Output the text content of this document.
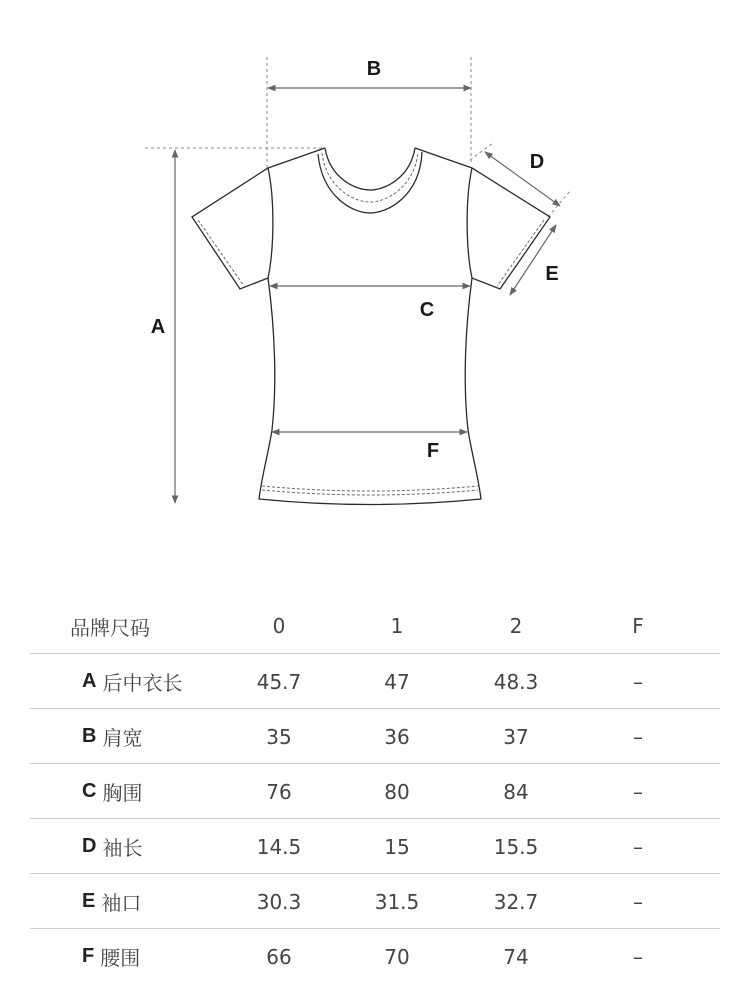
B
A
C
F
D
E
品牌尺码	0	1	2	F
A 后中衣长	45.7	47	48.3	–
B 肩宽	35	36	37	–
C 胸围	76	80	84	–
D 袖长	14.5	15	15.5	–
E 袖口	30.3	31.5	32.7	–
F 腰围	66	70	74	–
